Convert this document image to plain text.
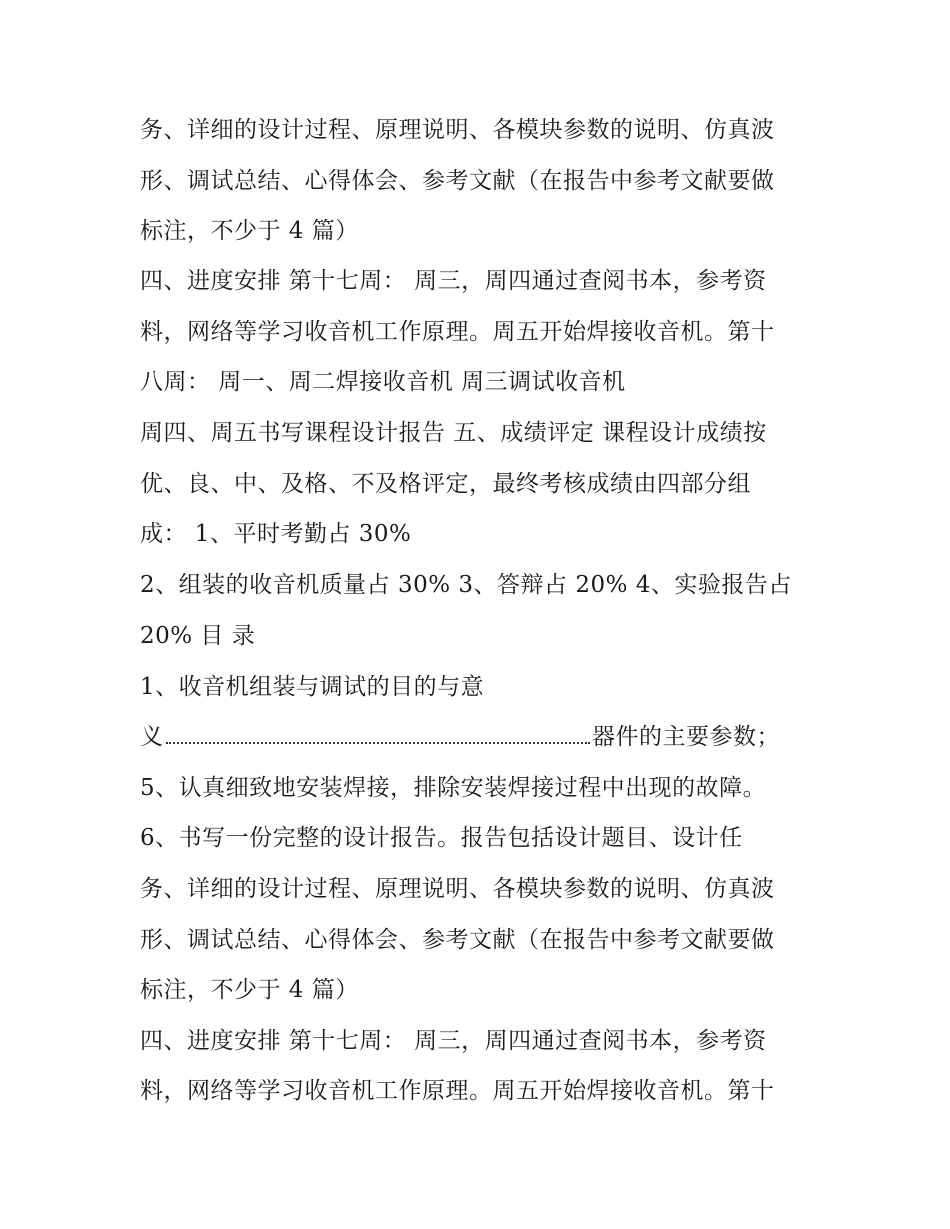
务、详细的设计过程、原理说明、各模块参数的说明、仿真波

形、调试总结、心得体会、参考文献（在报告中参考文献要做

标注，不少于 4 篇）

四、进度安排 第十七周： 周三，周四通过查阅书本，参考资

料，网络等学习收音机工作原理。周五开始焊接收音机。第十

八周： 周一、周二焊接收音机 周三调试收音机

周四、周五书写课程设计报告 五、成绩评定 课程设计成绩按

优、良、中、及格、不及格评定，最终考核成绩由四部分组

成： 1、平时考勤占 30%

2、组装的收音机质量占 30% 3、答辩占 20% 4、实验报告占

20% 目 录

1、收音机组装与调试的目的与意

义	器件的主要参数；

5、认真细致地安装焊接，排除安装焊接过程中出现的故障。

6、书写一份完整的设计报告。报告包括设计题目、设计任

务、详细的设计过程、原理说明、各模块参数的说明、仿真波

形、调试总结、心得体会、参考文献（在报告中参考文献要做

标注，不少于 4 篇）

四、进度安排 第十七周： 周三，周四通过查阅书本，参考资

料，网络等学习收音机工作原理。周五开始焊接收音机。第十
